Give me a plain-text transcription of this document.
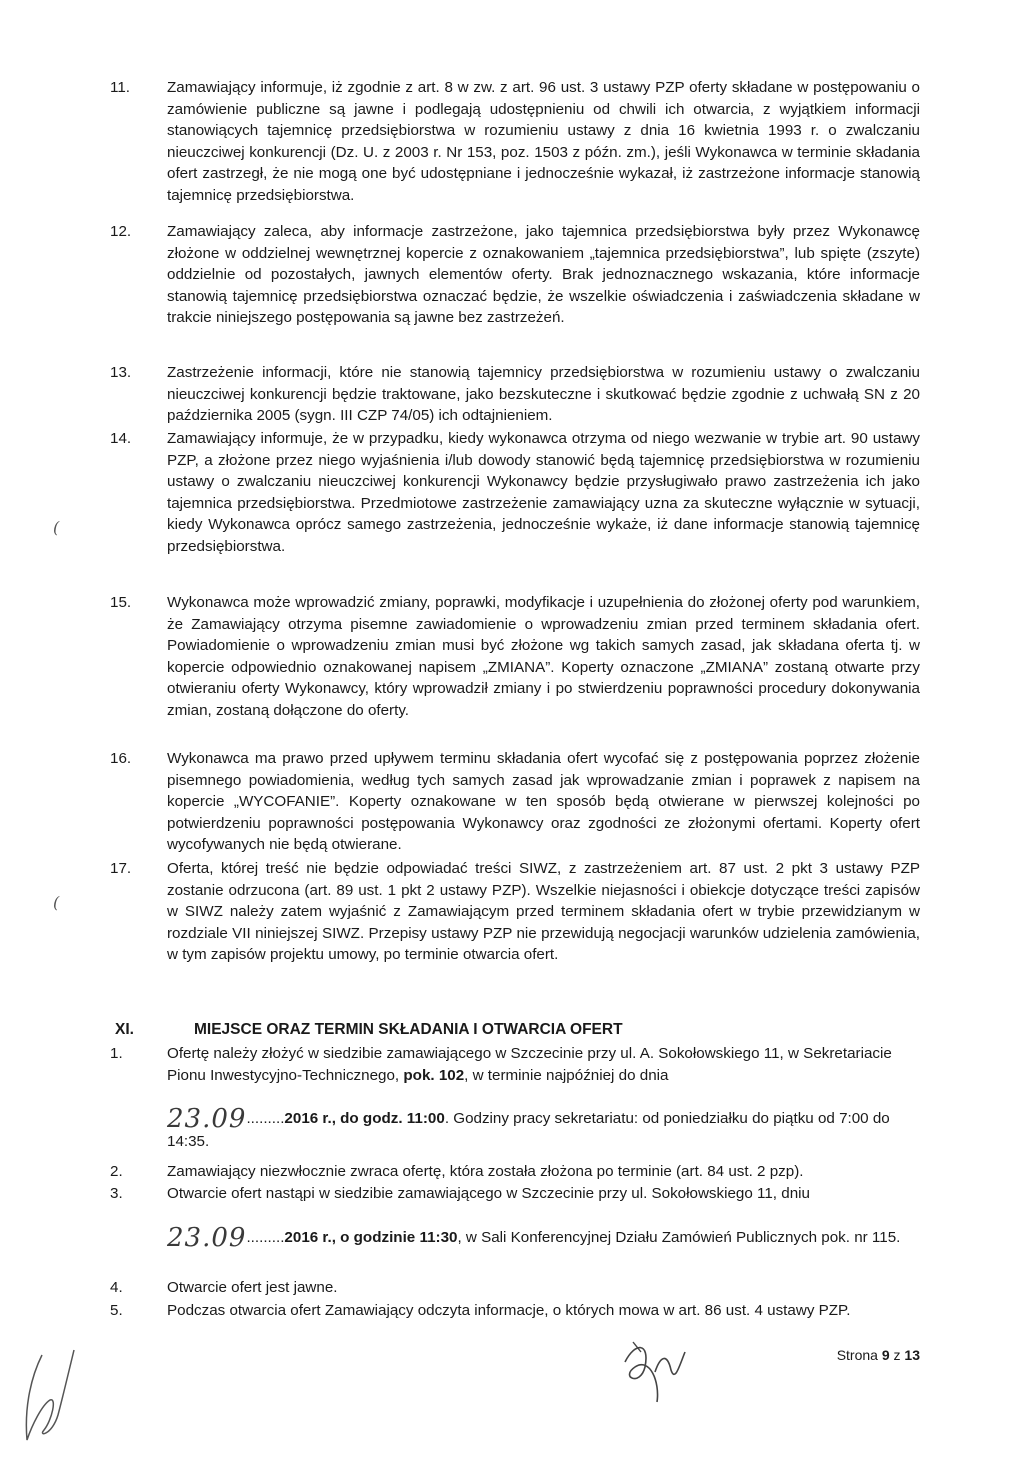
11.	Zamawiający informuje, iż zgodnie z art. 8 w zw. z art. 96 ust. 3 ustawy PZP oferty składane w postępowaniu o zamówienie publiczne są jawne i podlegają udostępnieniu od chwili ich otwarcia, z wyjątkiem informacji stanowiących tajemnicę przedsiębiorstwa w rozumieniu ustawy z dnia 16 kwietnia 1993 r. o zwalczaniu nieuczciwej konkurencji (Dz. U. z 2003 r. Nr 153, poz. 1503 z późn. zm.), jeśli Wykonawca w terminie składania ofert zastrzegł, że nie mogą one być udostępniane i jednocześnie wykazał, iż zastrzeżone informacje stanowią tajemnicę przedsiębiorstwa.
12.	Zamawiający zaleca, aby informacje zastrzeżone, jako tajemnica przedsiębiorstwa były przez Wykonawcę złożone w oddzielnej wewnętrznej kopercie z oznakowaniem „tajemnica przedsiębiorstwa”, lub spięte (zszyte) oddzielnie od pozostałych, jawnych elementów oferty. Brak jednoznacznego wskazania, które informacje stanowią tajemnicę przedsiębiorstwa oznaczać będzie, że wszelkie oświadczenia i zaświadczenia składane w trakcie niniejszego postępowania są jawne bez zastrzeżeń.
13.	Zastrzeżenie informacji, które nie stanowią tajemnicy przedsiębiorstwa w rozumieniu ustawy o zwalczaniu nieuczciwej konkurencji będzie traktowane, jako bezskuteczne i skutkować będzie zgodnie z uchwałą SN z 20 października 2005 (sygn. III CZP 74/05) ich odtajnieniem.
14.	Zamawiający informuje, że w przypadku, kiedy wykonawca otrzyma od niego wezwanie w trybie art. 90 ustawy PZP, a złożone przez niego wyjaśnienia i/lub dowody stanowić będą tajemnicę przedsiębiorstwa w rozumieniu ustawy o zwalczaniu nieuczciwej konkurencji Wykonawcy będzie przysługiwało prawo zastrzeżenia ich jako tajemnica przedsiębiorstwa. Przedmiotowe zastrzeżenie zamawiający uzna za skuteczne wyłącznie w sytuacji, kiedy Wykonawca oprócz samego zastrzeżenia, jednocześnie wykaże, iż dane informacje stanowią tajemnicę przedsiębiorstwa.
15.	Wykonawca może wprowadzić zmiany, poprawki, modyfikacje i uzupełnienia do złożonej oferty pod warunkiem, że Zamawiający otrzyma pisemne zawiadomienie o wprowadzeniu zmian przed terminem składania ofert. Powiadomienie o wprowadzeniu zmian musi być złożone wg takich samych zasad, jak składana oferta tj. w kopercie odpowiednio oznakowanej napisem „ZMIANA”. Koperty oznaczone „ZMIANA” zostaną otwarte przy otwieraniu oferty Wykonawcy, który wprowadził zmiany i po stwierdzeniu poprawności procedury dokonywania zmian, zostaną dołączone do oferty.
16.	Wykonawca ma prawo przed upływem terminu składania ofert wycofać się z postępowania poprzez złożenie pisemnego powiadomienia, według tych samych zasad jak wprowadzanie zmian i poprawek z napisem na kopercie „WYCOFANIE”. Koperty oznakowane w ten sposób będą otwierane w pierwszej kolejności po potwierdzeniu poprawności postępowania Wykonawcy oraz zgodności ze złożonymi ofertami. Koperty ofert wycofywanych nie będą otwierane.
17.	Oferta, której treść nie będzie odpowiadać treści SIWZ, z zastrzeżeniem art. 87 ust. 2 pkt 3 ustawy PZP zostanie odrzucona (art. 89 ust. 1 pkt 2 ustawy PZP). Wszelkie niejasności i obiekcje dotyczące treści zapisów w SIWZ należy zatem wyjaśnić z Zamawiającym przed terminem składania ofert w trybie przewidzianym w rozdziale VII niniejszej SIWZ. Przepisy ustawy PZP nie przewidują negocjacji warunków udzielenia zamówienia, w tym zapisów projektu umowy, po terminie otwarcia ofert.
XI.	MIEJSCE ORAZ TERMIN SKŁADANIA I OTWARCIA OFERT
1.	Ofertę należy złożyć w siedzibie zamawiającego w Szczecinie przy ul. A. Sokołowskiego 11, w Sekretariacie Pionu Inwestycyjno-Technicznego, pok. 102, w terminie najpóźniej do dnia
23.09.........2016 r., do godz. 11:00. Godziny pracy sekretariatu: od poniedziałku do piątku od 7:00 do 14:35.
2.	Zamawiający niezwłocznie zwraca ofertę, która została złożona po terminie (art. 84 ust. 2 pzp).
3.	Otwarcie ofert nastąpi w siedzibie zamawiającego w Szczecinie przy ul. Sokołowskiego 11, dniu
23.09.........2016 r., o godzinie 11:30, w Sali Konferencyjnej Działu Zamówień Publicznych pok. nr 115.
4.	Otwarcie ofert jest jawne.
5.	Podczas otwarcia ofert Zamawiający odczyta informacje, o których mowa w art. 86 ust. 4 ustawy PZP.
Strona 9 z 13
(
(
